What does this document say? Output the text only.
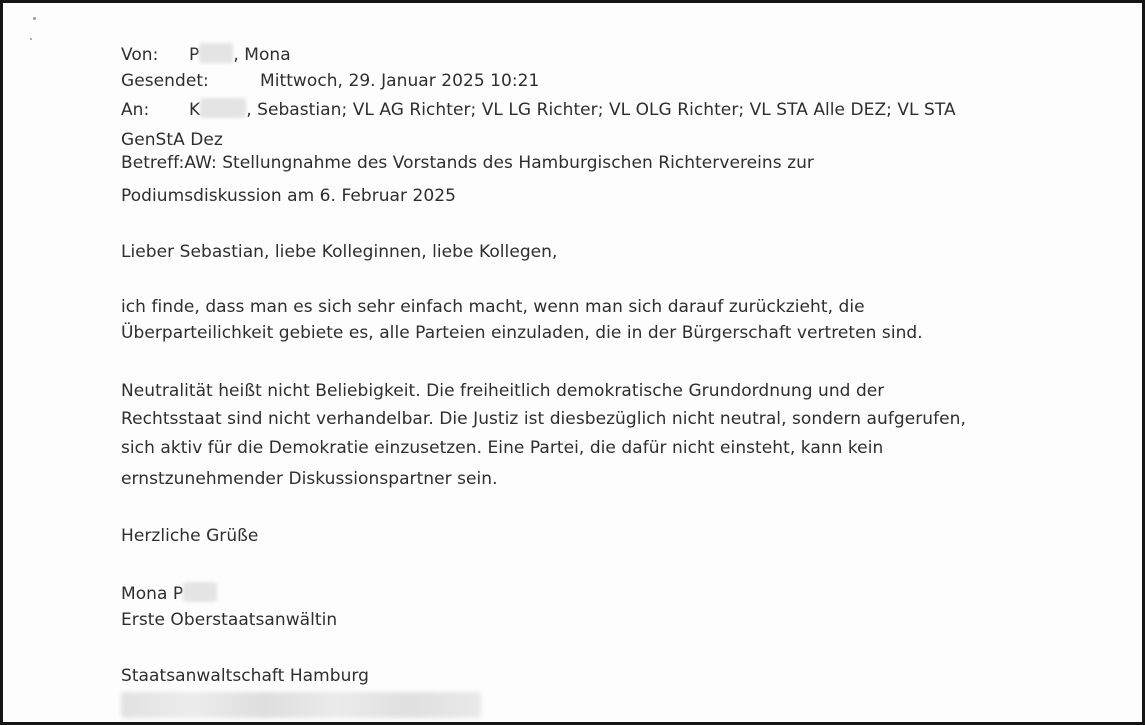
Von: P , Mona
Gesendet:	Mittwoch, 29. Januar 2025 10:21
An: K	, Sebastian; VL AG Richter; VL LG Richter; VL OLG Richter; VL STA Alle DEZ; VL STA
GenStA Dez
Betreff:AW: Stellungnahme des Vorstands des Hamburgischen Richtervereins zur
Podiumsdiskussion am 6. Februar 2025
Lieber Sebastian, liebe Kolleginnen, liebe Kollegen,
ich finde, dass man es sich sehr einfach macht, wenn man sich darauf zurückzieht, die
Überparteilichkeit gebiete es, alle Parteien einzuladen, die in der Bürgerschaft vertreten sind.
Neutralität heißt nicht Beliebigkeit. Die freiheitlich demokratische Grundordnung und der
Rechtsstaat sind nicht verhandelbar. Die Justiz ist diesbezüglich nicht neutral, sondern aufgerufen,
sich aktiv für die Demokratie einzusetzen. Eine Partei, die dafür nicht einsteht, kann kein
ernstzunehmender Diskussionspartner sein.
Herzliche Grüße
Mona P
Erste Oberstaatsanwältin
Staatsanwaltschaft Hamburg
